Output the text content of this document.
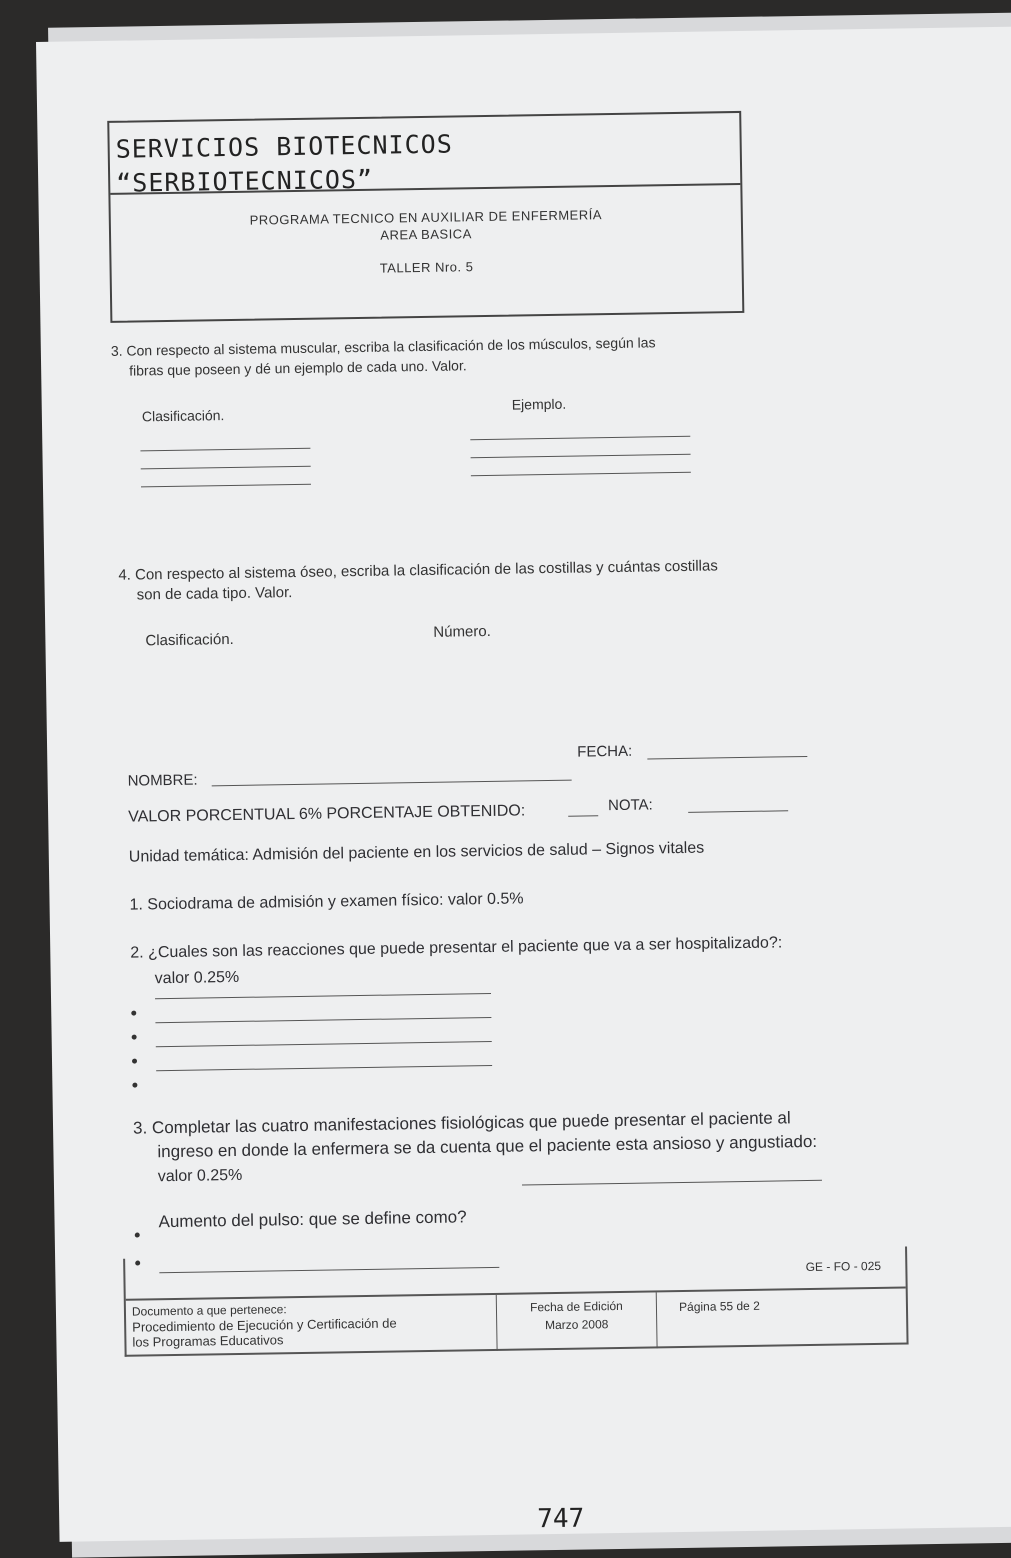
SERVICIOS BIOTECNICOS
“SERBIOTECNICOS”
PROGRAMA TECNICO EN AUXILIAR DE ENFERMERÍA
AREA BASICA
TALLER Nro. 5
3. Con respecto al sistema muscular, escriba la clasificación de los músculos, según las
fibras que poseen y dé un ejemplo de cada uno. Valor.
Clasificación.
Ejemplo.
4. Con respecto al sistema óseo, escriba la clasificación de las costillas y cuántas costillas
son de cada tipo. Valor.
Clasificación.	Número.
FECHA:
NOMBRE:
VALOR PORCENTUAL 6% PORCENTAJE OBTENIDO:	NOTA:
Unidad temática: Admisión del paciente en los servicios de salud – Signos vitales
1. Sociodrama de admisión y examen físico: valor 0.5%
2. ¿Cuales son las reacciones que puede presentar el paciente que va a ser hospitalizado?:
valor 0.25%
3. Completar las cuatro manifestaciones fisiológicas que puede presentar el paciente al
ingreso en donde la enfermera se da cuenta que el paciente esta ansioso y angustiado:
valor 0.25%
Aumento del pulso: que se define como?
GE - FO - 025
Documento a que pertenece:
Procedimiento de Ejecución y Certificación de
los Programas Educativos
Fecha de Edición
Marzo 2008
Página 55 de 2
747
